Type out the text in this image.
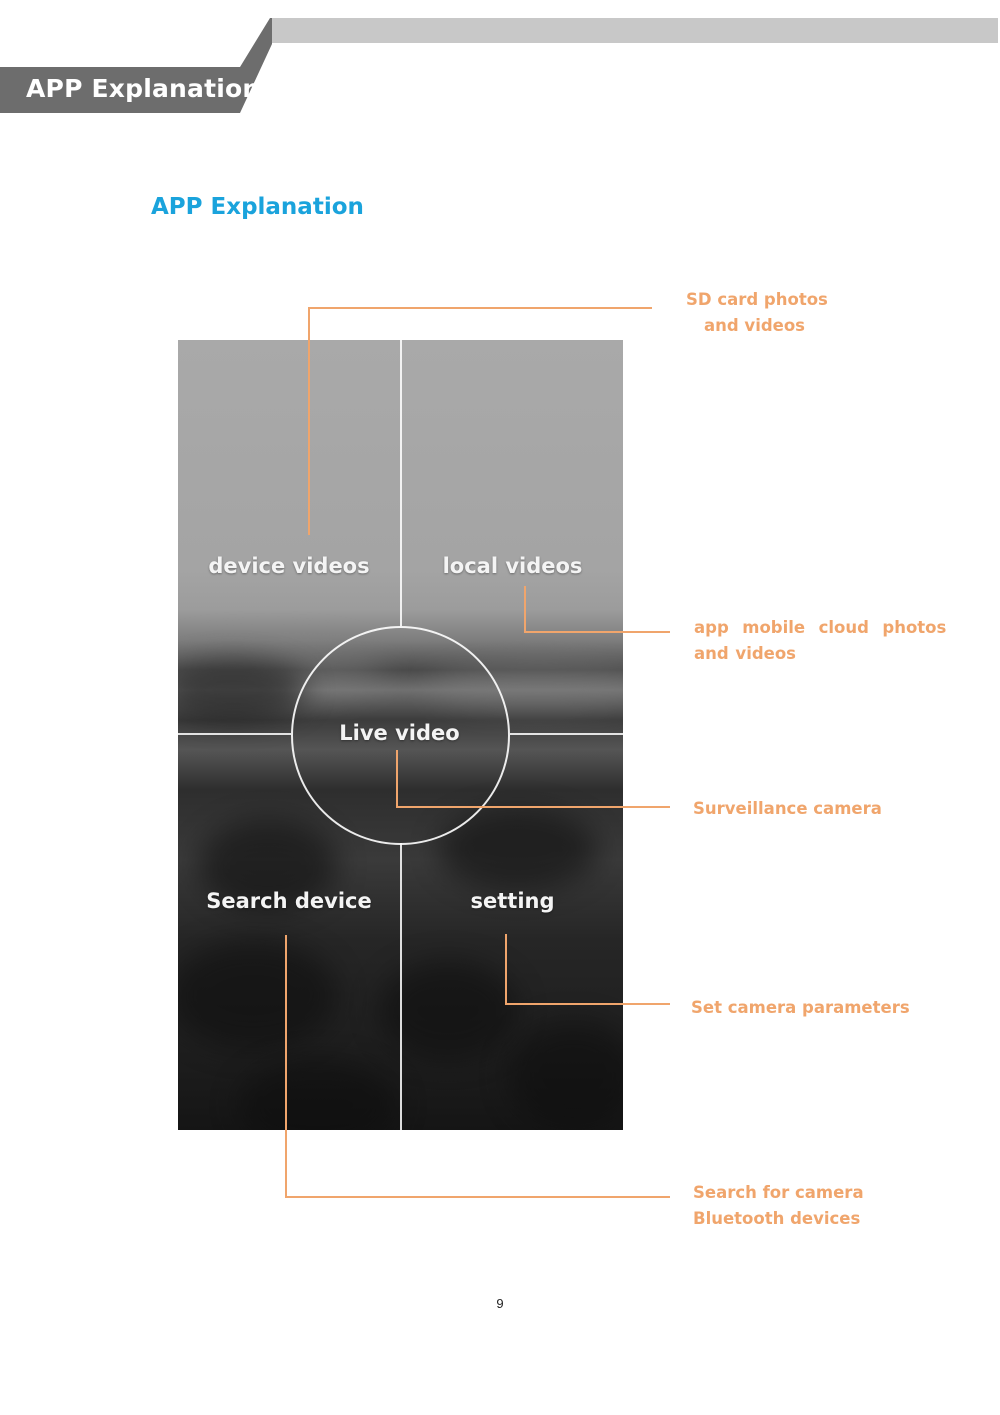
APP Explanation
APP Explanation
device videos	local videos
Live video
Search device	setting
SD card photos
and videos
app  mobile  cloud  photos
and videos
Surveillance camera
Set camera parameters
Search for camera
Bluetooth devices
9
